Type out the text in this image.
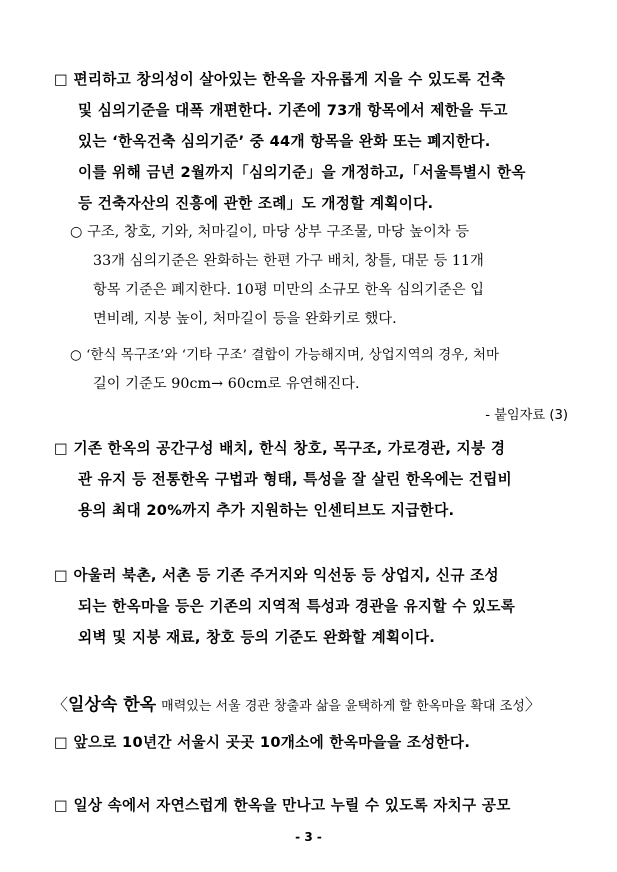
□ 편리하고 창의성이 살아있는 한옥을 자유롭게 지을 수 있도록 건축
및 심의기준을 대폭 개편한다. 기존에 73개 항목에서 제한을 두고
있는 ‘한옥건축 심의기준’ 중 44개 항목을 완화 또는 폐지한다.
이를 위해 금년 2월까지「심의기준」을 개정하고,「서울특별시 한옥
등 건축자산의 진흥에 관한 조례」도 개정할 계획이다.
○ 구조, 창호, 기와, 처마길이, 마당 상부 구조물, 마당 높이차 등
33개 심의기준은 완화하는 한편 가구 배치, 창틀, 대문 등 11개
항목 기준은 폐지한다. 10평 미만의 소규모 한옥 심의기준은 입
면비례, 지붕 높이, 처마길이 등을 완화키로 했다.
○ ‘한식 목구조’와 ‘기타 구조’ 결합이 가능해지며, 상업지역의 경우, 처마
길이 기준도 90cm→ 60cm로 유연해진다.
- 붙임자료 (3)
□ 기존 한옥의 공간구성 배치, 한식 창호, 목구조, 가로경관, 지붕 경
관 유지 등 전통한옥 구법과 형태, 특성을 잘 살린 한옥에는 건립비
용의 최대 20%까지 추가 지원하는 인센티브도 지급한다.
□ 아울러 북촌, 서촌 등 기존 주거지와 익선동 등 상업지, 신규 조성
되는 한옥마을 등은 기존의 지역적 특성과 경관을 유지할 수 있도록
외벽 및 지붕 재료, 창호 등의 기준도 완화할 계획이다.
〈일상속 한옥 매력있는 서울 경관 창출과 삶을 윤택하게 할 한옥마을 확대 조성〉
□ 앞으로 10년간 서울시 곳곳 10개소에 한옥마을을 조성한다.
□ 일상 속에서 자연스럽게 한옥을 만나고 누릴 수 있도록 자치구 공모
- 3 -
